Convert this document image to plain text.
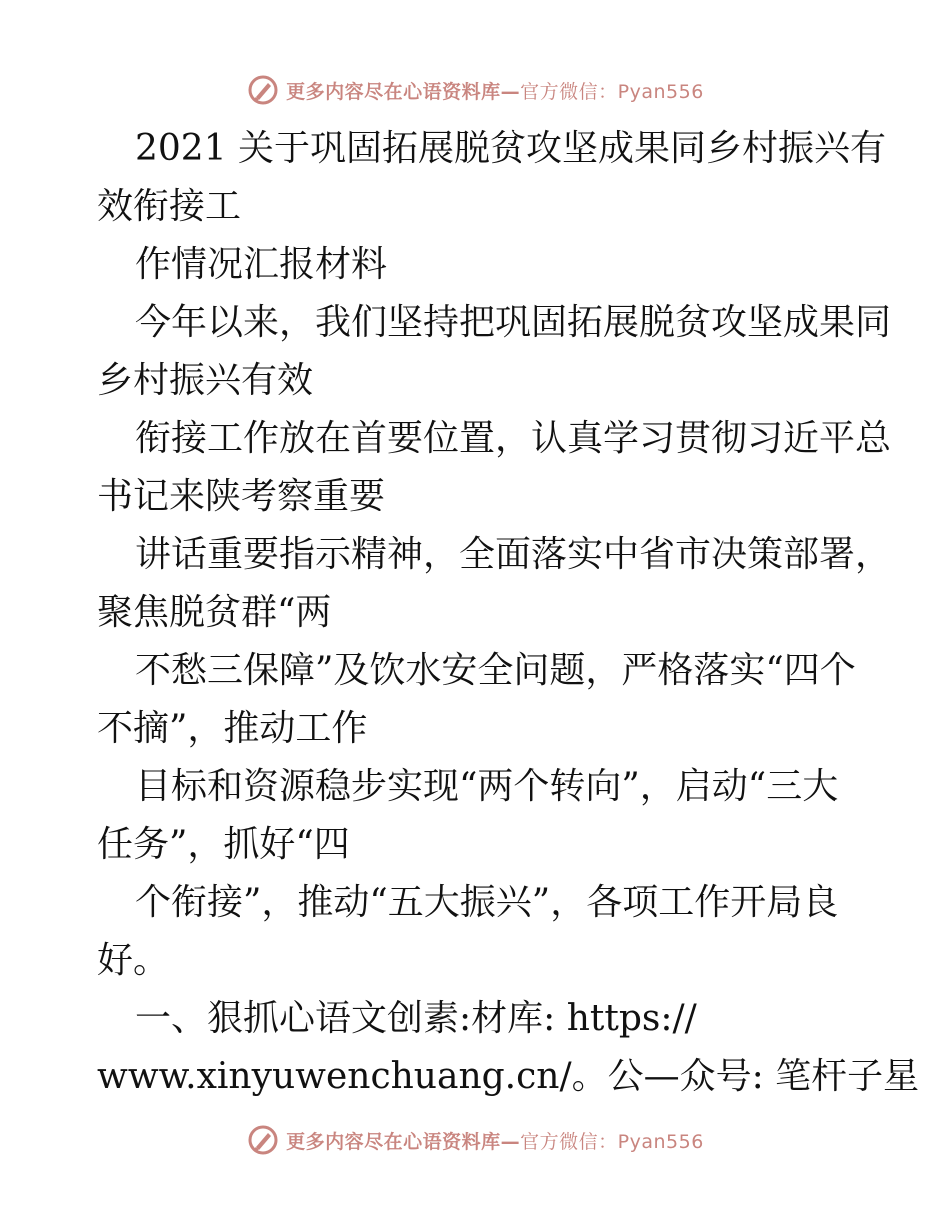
更多内容尽在心语资料库—官方微信：Pyan556

2021 关于巩固拓展脱贫攻坚成果同乡村振兴有

效衔接工

作情况汇报材料

今年以来，我们坚持把巩固拓展脱贫攻坚成果同

乡村振兴有效

衔接工作放在首要位置，认真学习贯彻习近平总

书记来陕考察重要

讲话重要指示精神，全面落实中省市决策部署，

聚焦脱贫群“两

不愁三保障”及饮水安全问题，严格落实“四个

不摘”，推动工作

目标和资源稳步实现“两个转向”，启动“三大

任务”，抓好“四

个衔接”，推动“五大振兴”，各项工作开局良

好。

一、狠抓心语文创素:材库: https://

www.xinyuwenchuang.cn/。公—众号: 笔杆子星

更多内容尽在心语资料库—官方微信：Pyan556
